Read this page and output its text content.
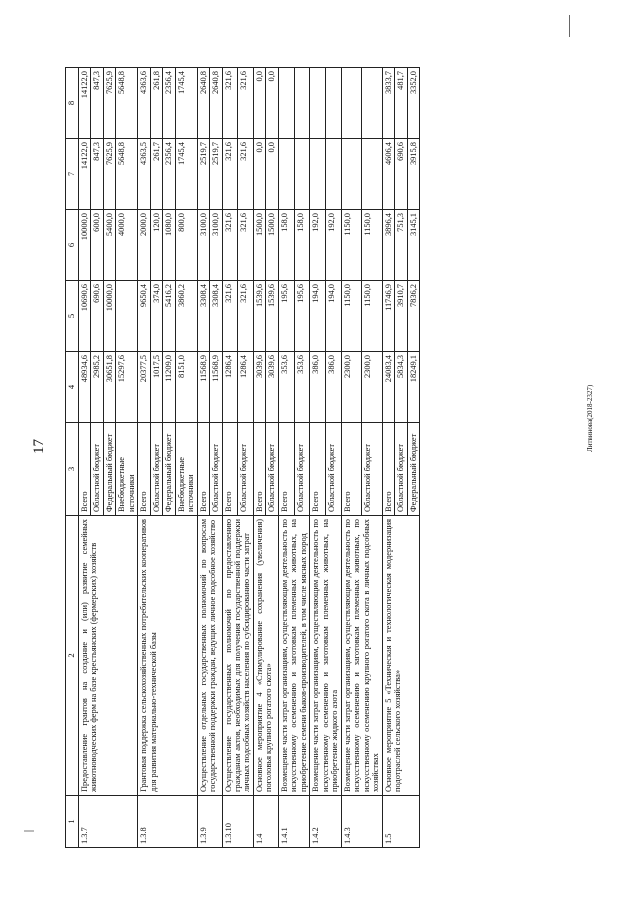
17	Литвинова(2018-2327)
1	2	3	4	5	6	7	8
1.3.7	Предоставление грантов на создание и (или) развитие семейных животноводческих ферм на базе крестьянских (фермерских) хозяйств	Всего	48934,6	10690,6	10000,0	14122,0	14122,0
		Областной бюджет	2985,2	690,6	600,0	847,3	847,3
		Федеральный бюджет	30651,8	10000,0	5400,0	7625,9	7625,9
		Внебюджетные источники	15297,6		4000,0	5648,8	5648,8
1.3.8	Грантовая поддержка сельскохозяйственных потребительских кооперативов для развития материально-технической базы	Всего	20377,5	9650,4	2000,0	4363,5	4363,6
		Областной бюджет	1017,5	374,0	120,0	261,7	261,8
		Федеральный бюджет	11209,0	5416,2	1080,0	2356,4	2356,4
		Внебюджетные источники	8151,0	3860,2	800,0	1745,4	1745,4
1.3.9	Осуществление отдельных государственных полномочий по вопросам государственной поддержки граждан, ведущих личное подсобное хозяйство	Всего	11568,9	3308,4	3100,0	2519,7	2640,8
		Областной бюджет	11568,9	3308,4	3100,0	2519,7	2640,8
1.3.10	Осуществление государственных полномочий по предоставлению гражданам актов, необходимых для получения государственной поддержки личных подсобных хозяйств населения по субсидированию части затрат	Всего	1286,4	321,6	321,6	321,6	321,6
		Областной бюджет	1286,4	321,6	321,6	321,6	321,6
1.4	Основное мероприятие 4 «Стимулирование сохранения (увеличения) поголовья крупного рогатого скота»	Всего	3039,6	1539,6	1500,0	0,0	0,0
		Областной бюджет	3039,6	1539,6	1500,0	0,0	0,0
1.4.1	Возмещение части затрат организациям, осуществляющим деятельность по искусственному осеменению и заготовкам племенных животных, на приобретение семени быков-производителей, в том числе мясных пород	Всего	353,6	195,6	158,0		
		Областной бюджет	353,6	195,6	158,0		
1.4.2	Возмещение части затрат организациям, осуществляющим деятельность по искусственному осеменению и заготовкам племенных животных, на приобретение жидкого азота	Всего	386,0	194,0	192,0		
		Областной бюджет	386,0	194,0	192,0		
1.4.3	Возмещение части затрат организациям, осуществляющим деятельность по искусственному осеменению и заготовкам племенных животных, по искусственному осеменению крупного рогатого скота в личных подсобных хозяйствах	Всего	2300,0	1150,0	1150,0		
		Областной бюджет	2300,0	1150,0	1150,0		
1.5	Основное мероприятие 5 «Техническая и технологическая модернизация подотраслей сельского хозяйства»	Всего	24083,4	11746,9	3896,4	4606,4	3833,7
		Областной бюджет	5834,3	3910,7	751,3	690,6	481,7
		Федеральный бюджет	18249,1	7836,2	3145,1	3915,8	3352,0
